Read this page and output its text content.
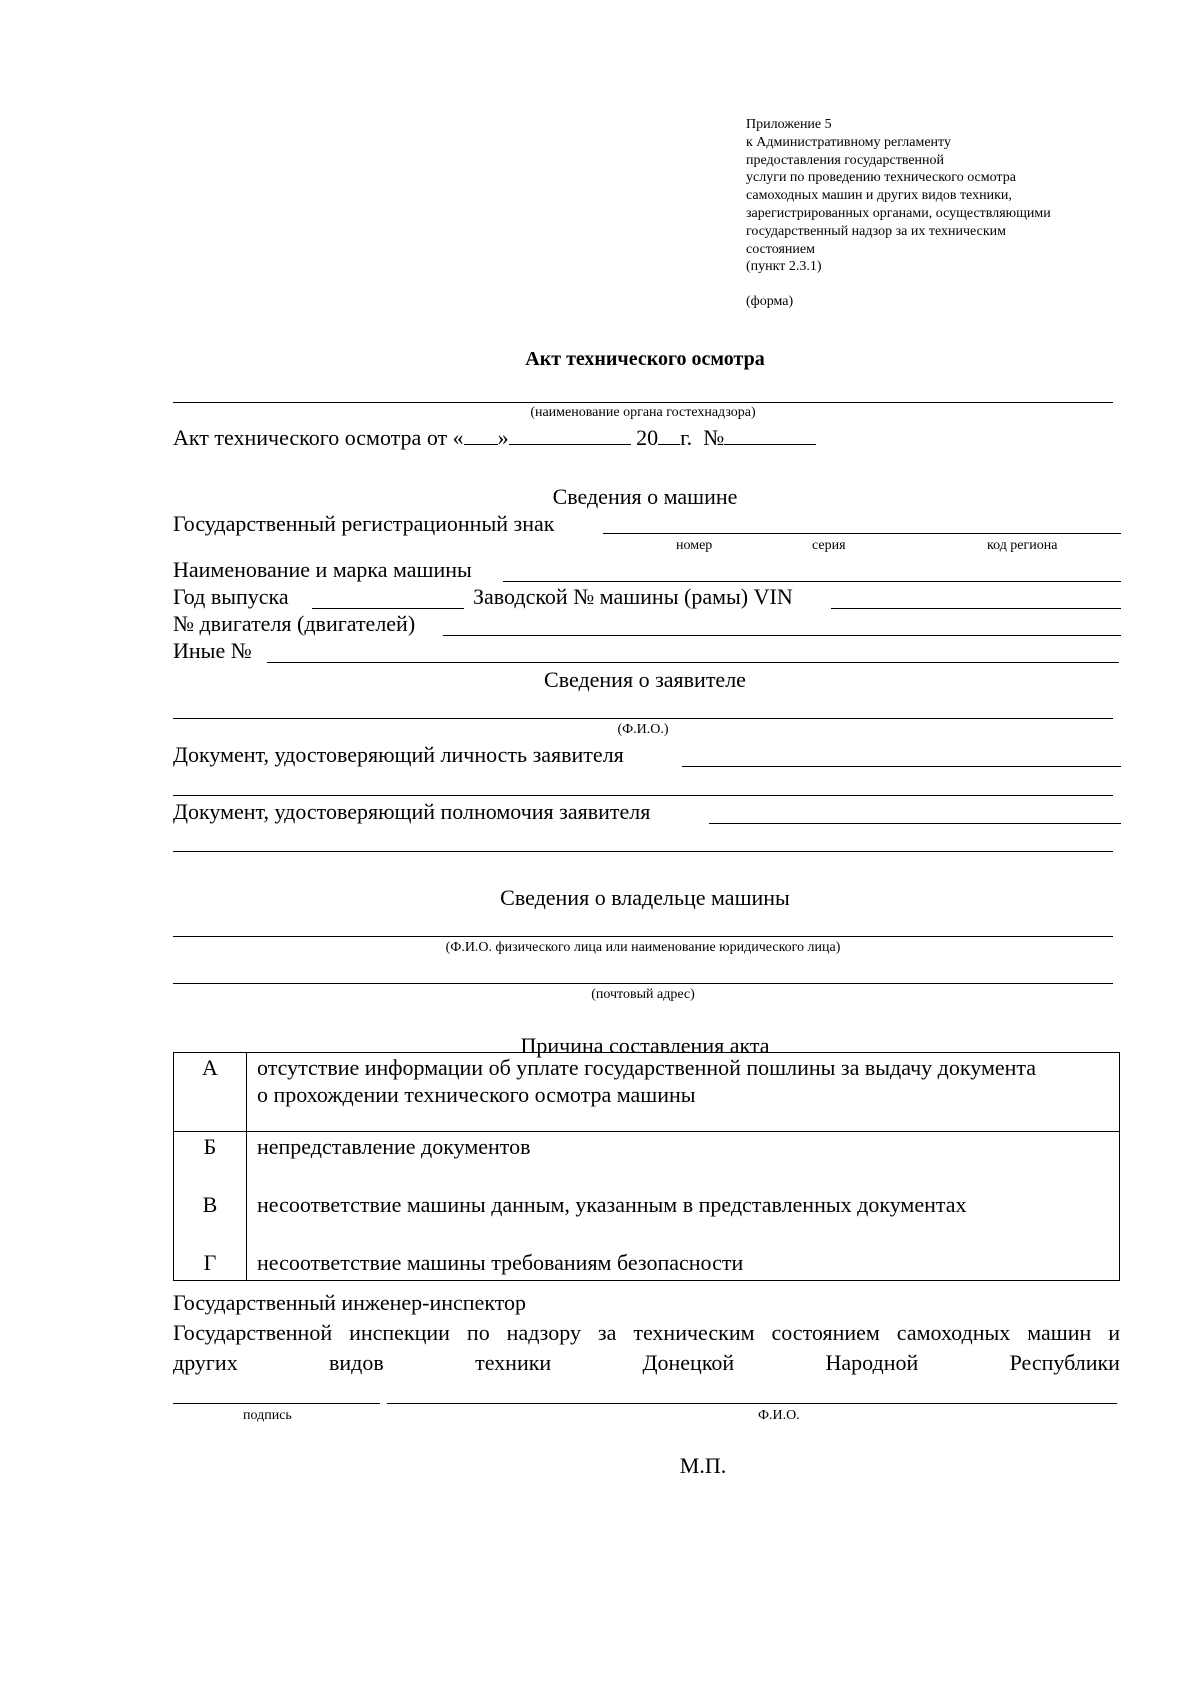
Приложение 5
к Административному регламенту
предоставления государственной
услуги по проведению технического осмотра
самоходных машин и других видов техники,
зарегистрированных органами, осуществляющими
государственный надзор за их техническим
состоянием
(пункт 2.3.1)
(форма)
Акт технического осмотра
(наименование органа гостехнадзора)
Акт технического осмотра от « »	20 г. №
Сведения о машине
Государственный регистрационный знак
номер	серия	код региона
Наименование и марка машины
Год выпуска	Заводской № машины (рамы) VIN
№ двигателя (двигателей)
Иные №
Сведения о заявителе
(Ф.И.О.)
Документ, удостоверяющий личность заявителя
Документ, удостоверяющий полномочия заявителя
Сведения о владельце машины
(Ф.И.О. физического лица или наименование юридического лица)
(почтовый адрес)
Причина составления акта
А	отсутствие информации об уплате государственной пошлины за выдачу документа
о прохождении технического осмотра машины

Б	непредставление документов
В	несоответствие машины данным, указанным в представленных документах
Г	несоответствие машины требованиям безопасности
Государственный инженер-инспектор
Государственной инспекции по надзору за техническим состоянием самоходных машин и
других	видов	техники	Донецкой	Народной	Республики
подпись	Ф.И.О.
М.П.
